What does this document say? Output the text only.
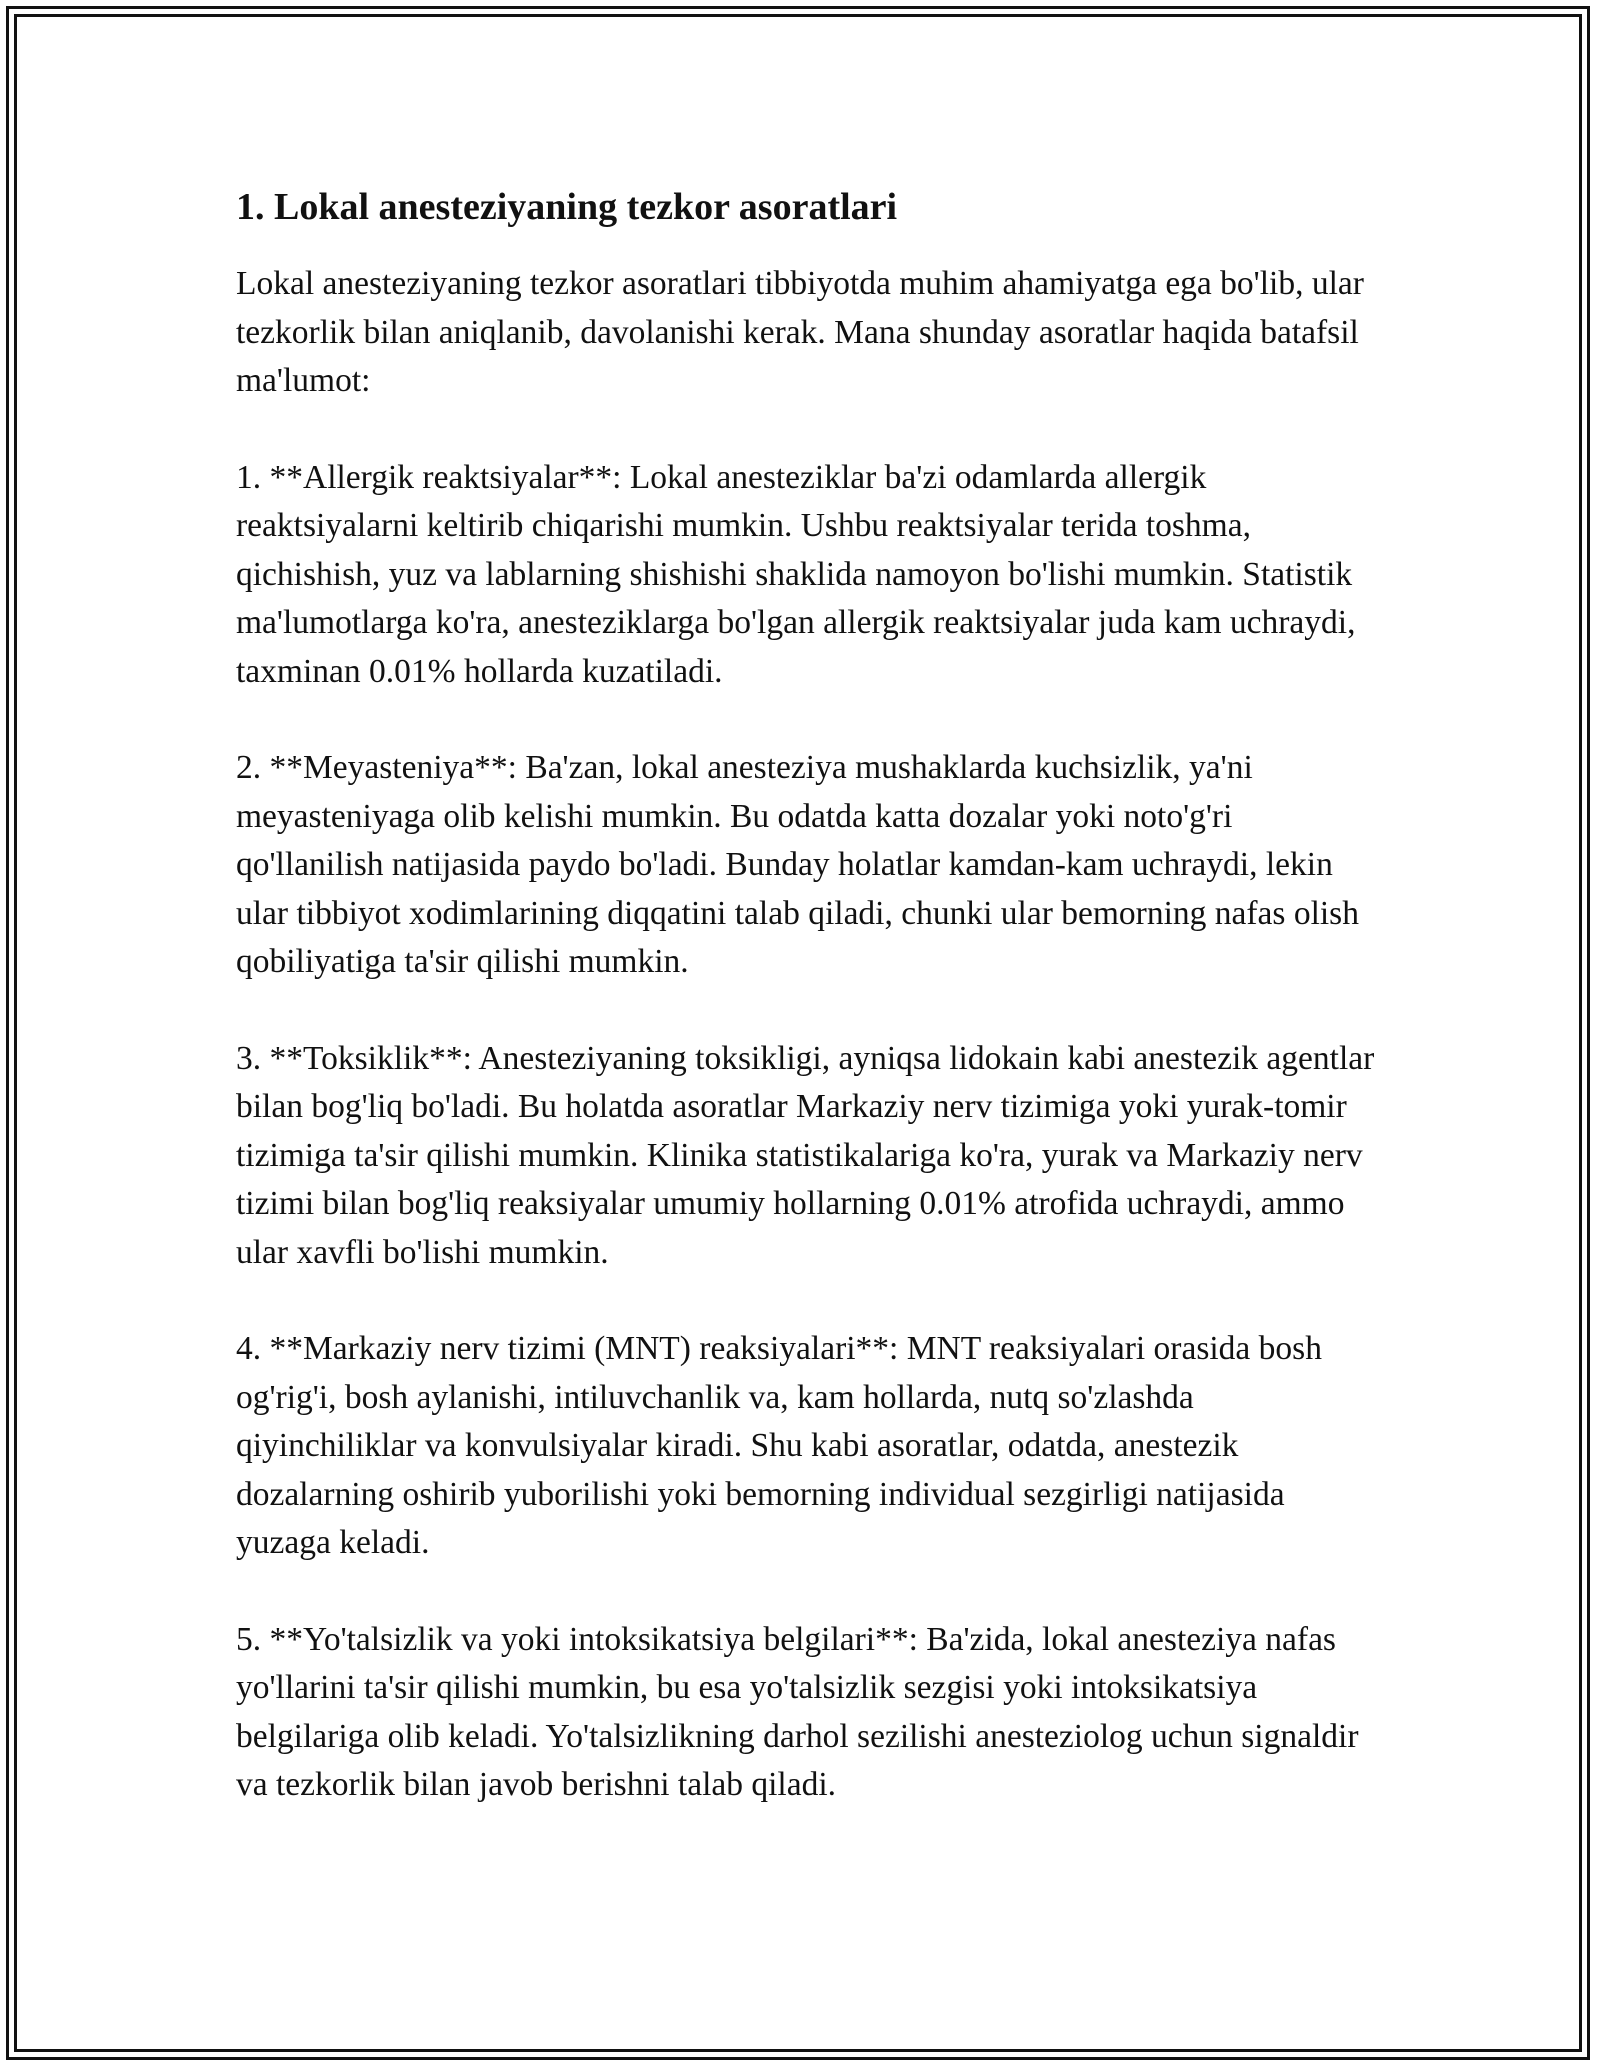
1. Lokal anesteziyaning tezkor asoratlari

Lokal anesteziyaning tezkor asoratlari tibbiyotda muhim ahamiyatga ega bo'lib, ular tezkorlik bilan aniqlanib, davolanishi kerak. Mana shunday asoratlar haqida batafsil ma'lumot:

1. **Allergik reaktsiyalar**: Lokal anesteziklar ba'zi odamlarda allergik reaktsiyalarni keltirib chiqarishi mumkin. Ushbu reaktsiyalar terida toshma, qichishish, yuz va lablarning shishishi shaklida namoyon bo'lishi mumkin. Statistik ma'lumotlarga ko'ra, anesteziklarga bo'lgan allergik reaktsiyalar juda kam uchraydi, taxminan 0.01% hollarda kuzatiladi.

2. **Meyasteniya**: Ba'zan, lokal anesteziya mushaklarda kuchsizlik, ya'ni meyasteniyaga olib kelishi mumkin. Bu odatda katta dozalar yoki noto'g'ri qo'llanilish natijasida paydo bo'ladi. Bunday holatlar kamdan-kam uchraydi, lekin ular tibbiyot xodimlarining diqqatini talab qiladi, chunki ular bemorning nafas olish qobiliyatiga ta'sir qilishi mumkin.

3. **Toksiklik**: Anesteziyaning toksikligi, ayniqsa lidokain kabi anestezik agentlar bilan bog'liq bo'ladi. Bu holatda asoratlar Markaziy nerv tizimiga yoki yurak-tomir tizimiga ta'sir qilishi mumkin. Klinika statistikalariga ko'ra, yurak va Markaziy nerv tizimi bilan bog'liq reaksiyalar umumiy hollarning 0.01% atrofida uchraydi, ammo ular xavfli bo'lishi mumkin.

4. **Markaziy nerv tizimi (MNT) reaksiyalari**: MNT reaksiyalari orasida bosh og'rig'i, bosh aylanishi, intiluvchanlik va, kam hollarda, nutq so'zlashda qiyinchiliklar va konvulsiyalar kiradi. Shu kabi asoratlar, odatda, anestezik dozalarning oshirib yuborilishi yoki bemorning individual sezgirligi natijasida yuzaga keladi.

5. **Yo'talsizlik va yoki intoksikatsiya belgilari**: Ba'zida, lokal anesteziya nafas yo'llarini ta'sir qilishi mumkin, bu esa yo'talsizlik sezgisi yoki intoksikatsiya belgilariga olib keladi. Yo'talsizlikning darhol sezilishi anesteziolog uchun signaldir va tezkorlik bilan javob berishni talab qiladi.
